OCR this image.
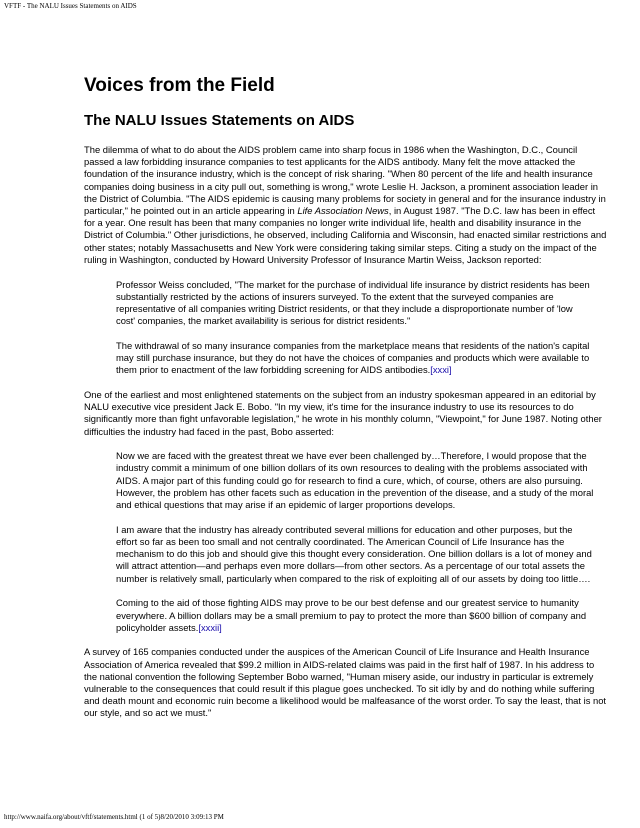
VFTF - The NALU Issues Statements on AIDS
Voices from the Field
The NALU Issues Statements on AIDS

The dilemma of what to do about the AIDS problem came into sharp focus in 1986 when the Washington, D.C., Council passed a law forbidding insurance companies to test applicants for the AIDS antibody. Many felt the move attacked the foundation of the insurance industry, which is the concept of risk sharing. "When 80 percent of the life and health insurance companies doing business in a city pull out, something is wrong," wrote Leslie H. Jackson, a prominent association leader in the District of Columbia. "The AIDS epidemic is causing many problems for society in general and for the insurance industry in particular," he pointed out in an article appearing in Life Association News, in August 1987. "The D.C. law has been in effect for a year. One result has been that many companies no longer write individual life, health and disability insurance in the District of Columbia." Other jurisdictions, he observed, including California and Wisconsin, had enacted similar restrictions and other states; notably Massachusetts and New York were considering taking similar steps. Citing a study on the impact of the ruling in Washington, conducted by Howard University Professor of Insurance Martin Weiss, Jackson reported:

Professor Weiss concluded, "The market for the purchase of individual life insurance by district residents has been substantially restricted by the actions of insurers surveyed. To the extent that the surveyed companies are representative of all companies writing District residents, or that they include a disproportionate number of 'low cost' companies, the market availability is serious for district residents."

The withdrawal of so many insurance companies from the marketplace means that residents of the nation's capital may still purchase insurance, but they do not have the choices of companies and products which were available to them prior to enactment of the law forbidding screening for AIDS antibodies.[xxxi]

One of the earliest and most enlightened statements on the subject from an industry spokesman appeared in an editorial by NALU executive vice president Jack E. Bobo. "In my view, it's time for the insurance industry to use its resources to do significantly more than fight unfavorable legislation," he wrote in his monthly column, "Viewpoint," for June 1987. Noting other difficulties the industry had faced in the past, Bobo asserted:

Now we are faced with the greatest threat we have ever been challenged by…Therefore, I would propose that the industry commit a minimum of one billion dollars of its own resources to dealing with the problems associated with AIDS. A major part of this funding could go for research to find a cure, which, of course, others are also pursuing. However, the problem has other facets such as education in the prevention of the disease, and a study of the moral and ethical questions that may arise if an epidemic of larger proportions develops.

I am aware that the industry has already contributed several millions for education and other purposes, but the effort so far as been too small and not centrally coordinated. The American Council of Life Insurance has the mechanism to do this job and should give this thought every consideration. One billion dollars is a lot of money and will attract attention—and perhaps even more dollars—from other sectors. As a percentage of our total assets the number is relatively small, particularly when compared to the risk of exploiting all of our assets by doing too little….

Coming to the aid of those fighting AIDS may prove to be our best defense and our greatest service to humanity everywhere. A billion dollars may be a small premium to pay to protect the more than $600 billion of company and policyholder assets.[xxxii]

A survey of 165 companies conducted under the auspices of the American Council of Life Insurance and Health Insurance Association of America revealed that $99.2 million in AIDS-related claims was paid in the first half of 1987. In his address to the national convention the following September Bobo warned, "Human misery aside, our industry in particular is extremely vulnerable to the consequences that could result if this plague goes unchecked. To sit idly by and do nothing while suffering and death mount and economic ruin become a likelihood would be malfeasance of the worst order. To say the least, that is not our style, and so act we must."

http://www.naifa.org/about/vftf/statements.html (1 of 5)8/20/2010 3:09:13 PM
